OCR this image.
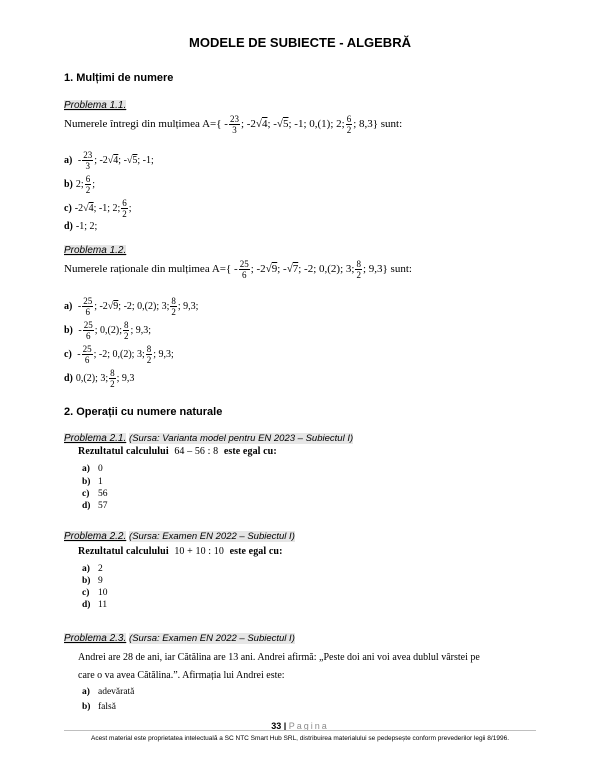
MODELE DE SUBIECTE - ALGEBRĂ
1. Mulțimi de numere
Problema 1.1.
Numerele întregi din mulțimea $A=\{ - \frac{23}{3}$ ; -2√4; -√5; -1; 0,(1); 2; $\frac{6}{2}$ ; 8,3 } sunt:
$a) - \frac{23}{3}$ ; -2√ 4 ; -√ 5 ; -1;
b) 2; $\frac{6}{2}$ ;
c) -2√ 4 ; -1; 2; $\frac{6}{2}$ ;
d) -1; 2;
Problema 1.2.
Numerele raționale din mulțimea $A=\{ - \frac{25}{6}$ ; -2√9; -√7; -2; 0,(2); 3; $\frac{8}{2}$ ; 9,3 } sunt:
$a) - \frac{25}{6}$ ; -2√ 9 ; -2; 0,(2); 3; $\frac{8}{2}$ ; 9,3;
$b) - \frac{25}{6}$ ; 0,(2); $\frac{8}{2}$ ; 9,3;
$c) - \frac{25}{6}$ ; -2; 0,(2); 3; $\frac{8}{2}$ ; 9,3;
d) 0,(2); 3; $\frac{8}{2}$ ; 9,3
2. Operații cu numere naturale
Problema 2.1. (Sursa: Varianta model pentru EN 2023 – Subiectul I)
Rezultatul calculului 64 – 56 : 8 este egal cu:
a) 0
b) 1
c) 56
d) 57
Problema 2.2. (Sursa: Examen EN 2022 – Subiectul I)
Rezultatul calculului 10 + 10 : 10 este egal cu:
a) 2
b) 9
c) 10
d) 11
Problema 2.3. (Sursa: Examen EN 2022 – Subiectul I)
Andrei are 28 de ani, iar Cătălina are 13 ani. Andrei afirmă: „Peste doi ani voi avea dublul vârstei pe
care o va avea Cătălina.”. Afirmația lui Andrei este:
a) adevărată
b) falsă
33 | Pagina
Acest material este proprietatea intelectuală a SC NTC Smart Hub SRL, distribuirea materialului se pedepsește conform prevederilor legii 8/1996.
